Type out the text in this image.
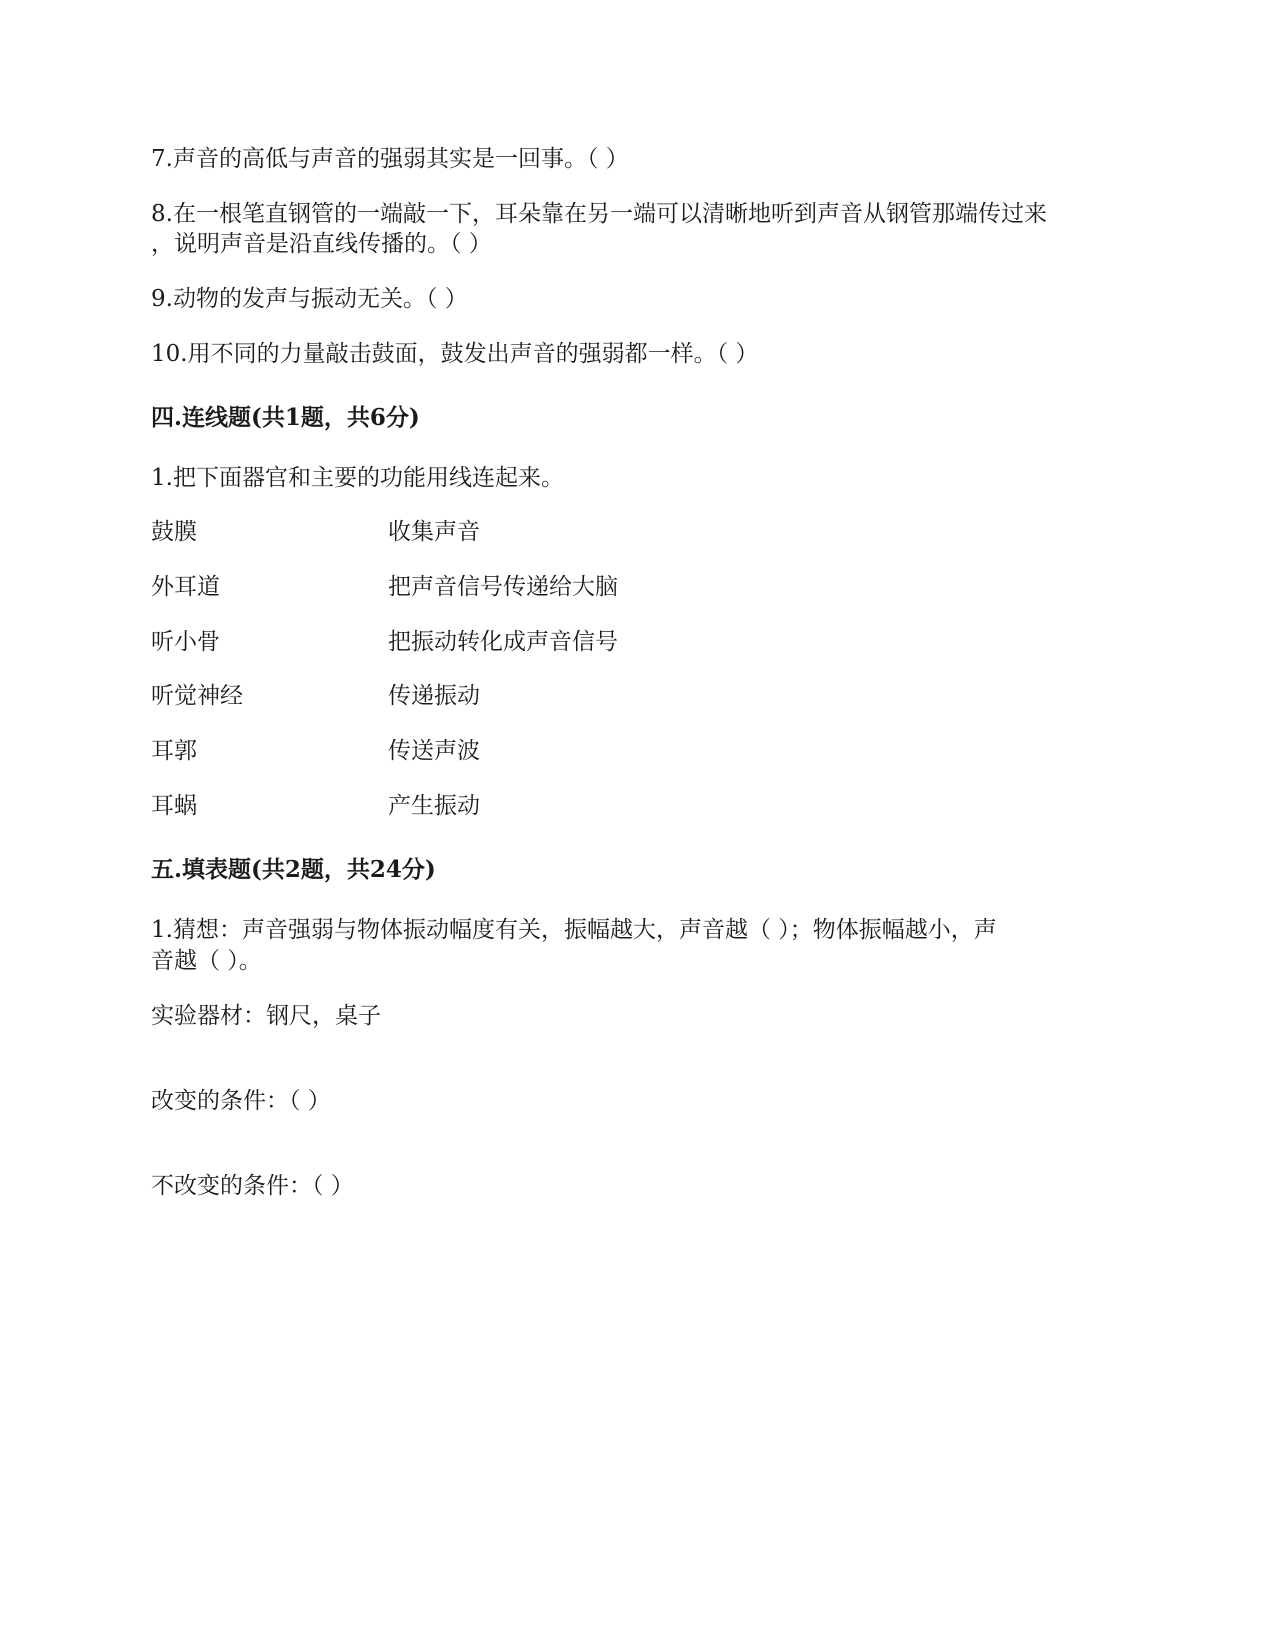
7.声音的高低与声音的强弱其实是一回事。（ ）
8.在一根笔直钢管的一端敲一下，耳朵靠在另一端可以清晰地听到声音从钢管那端传过来
，说明声音是沿直线传播的。（ ）
9.动物的发声与振动无关。（ ）
10.用不同的力量敲击鼓面，鼓发出声音的强弱都一样。（ ）
四.连线题(共1题，共6分)
1.把下面器官和主要的功能用线连起来。
鼓膜	收集声音
外耳道	把声音信号传递给大脑
听小骨	把振动转化成声音信号
听觉神经	传递振动
耳郭	传送声波
耳蜗	产生振动
五.填表题(共2题，共24分)
1.猜想：声音强弱与物体振动幅度有关，振幅越大，声音越（ ）；物体振幅越小，声
音越（ ）。
实验器材：钢尺，桌子
改变的条件：（ ）
不改变的条件：（ ）
